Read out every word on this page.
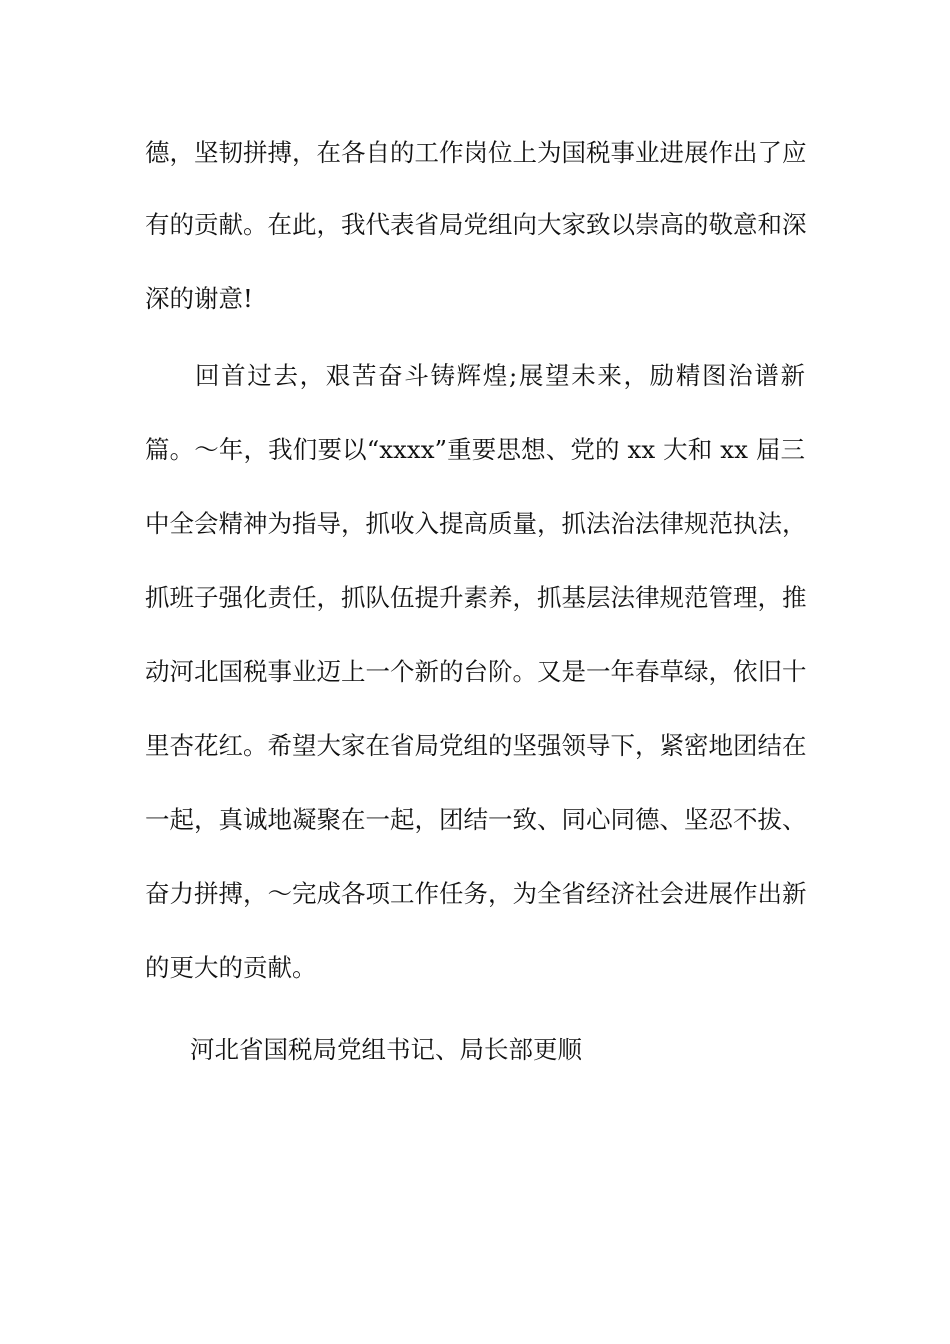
德，坚韧拼搏，在各自的工作岗位上为国税事业进展作出了应
有的贡献。在此，我代表省局党组向大家致以崇高的敬意和深
深的谢意!
回首过去，艰苦奋斗铸辉煌;展望未来，励精图治谱新
篇。～年，我们要以“xxxx”重要思想、党的 xx 大和 xx 届三
中全会精神为指导，抓收入提高质量，抓法治法律规范执法，
抓班子强化责任，抓队伍提升素养，抓基层法律规范管理，推
动河北国税事业迈上一个新的台阶。又是一年春草绿，依旧十
里杏花红。希望大家在省局党组的坚强领导下，紧密地团结在
一起，真诚地凝聚在一起，团结一致、同心同德、坚忍不拔、
奋力拼搏，～完成各项工作任务，为全省经济社会进展作出新
的更大的贡献。
河北省国税局党组书记、局长部更顺
